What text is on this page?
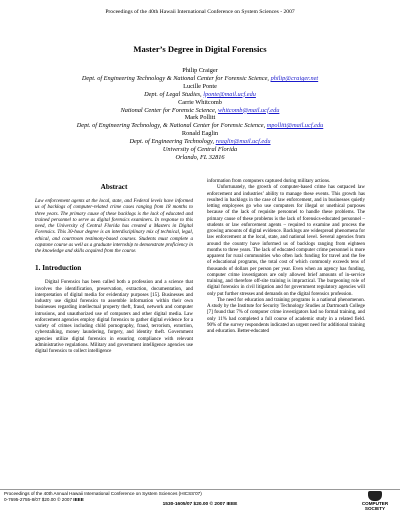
Proceedings of the 40th Hawaii International Conference on System Sciences - 2007
Master’s Degree in Digital Forensics
Philip Craiger
Dept. of Engineering Technology & National Center for Forensic Science, philip@craiger.net
Lucille Ponte
Dept. of Legal Studies, lponte@mail.ucf.edu
Carrie Whitcomb
National Center for Forensic Science, whitcomb@mail.ucf.edu
Mark Pollitt
Dept. of Engineering Technology, & National Center for Forensic Science, mpollitt@mail.ucf.edu
Ronald Eaglin
Dept. of Engineering Technology, reaglin@mail.ucf.edu
University of Central Florida
Orlando, FL 32816
Abstract

Law enforcement agents at the local, state, and Federal levels have informed us of backlogs of computer-related crime cases ranging from 18 months to three years. The primary cause of these backlogs is the lack of educated and trained personnel to serve as digital forensics examiners. In response to this need, the University of Central Florida has created a Masters in Digital Forensics. This 30-hour degree is an interdisciplinary mix of technical, legal, ethical, and courtroom testimony-based courses. Students must complete a capstone course as well as a graduate internship to demonstrate proficiency in the knowledge and skills acquired from the course.

1. Introduction

Digital Forensics has been called both a profession and a science that involves the identification, preservation, extraction, documentation, and interpretation of digital media for evidentiary purposes [15]. Businesses and industry use digital forensics to assemble information within their own businesses regarding intellectual property theft, fraud, network and computer intrusions, and unauthorized use of computers and other digital media. Law enforcement agencies employ digital forensics to gather digital evidence for a variety of crimes including child pornography, fraud, terrorism, extortion, cyberstalking, money laundering, forgery, and identity theft. Government agencies utilize digital forensics in ensuring compliance with relevant administrative regulations. Military and government intelligence agencies use digital forensics to collect intelligence

information from computers captured during military actions.

Unfortunately, the growth of computer-based crime has outpaced law enforcement and industries’ ability to manage these events. This growth has resulted in backlogs in the case of law enforcement, and in businesses quietly letting employees go who use computers for illegal or unethical purposes because of the lack of requisite personnel to handle these problems. The primary cause of these problems is the lack of forensics-educated personnel – students or law enforcement agents – required to examine and process the growing amounts of digital evidence. Backlogs are widespread phenomena for law enforcement at the local, state, and national level. Several agencies from around the country have informed us of backlogs ranging from eighteen months to three years. The lack of educated computer crime personnel is more apparent for rural communities who often lack funding for travel and the fee of educational programs, the total cost of which commonly exceeds tens of thousands of dollars per person per year. Even when an agency has funding, computer crime investigators are only allowed brief amounts of in-service training, and therefore off-site training is impractical. The burgeoning role of digital forensics in civil litigation and for government regulatory agencies will only put further stresses and demands on the digital forensics profession.

The need for education and training programs is a national phenomenon. A study by the Institute for Security Technology Studies at Dartmouth College [7] found that 7% of computer crime investigators had no formal training, and only 11% had completed a full course of academic study in a related field. 90% of the survey respondents indicated an urgent need for additional training and education. Better-educated

Proceedings of the 40th Annual Hawaii International Conference on System Sciences (HICSS'07)
0-7695-2755-8/07 $20.00 © 2007 IEEE
1530-1605/07 $20.00 © 2007 IEEE	COMPUTER
SOCIETY
